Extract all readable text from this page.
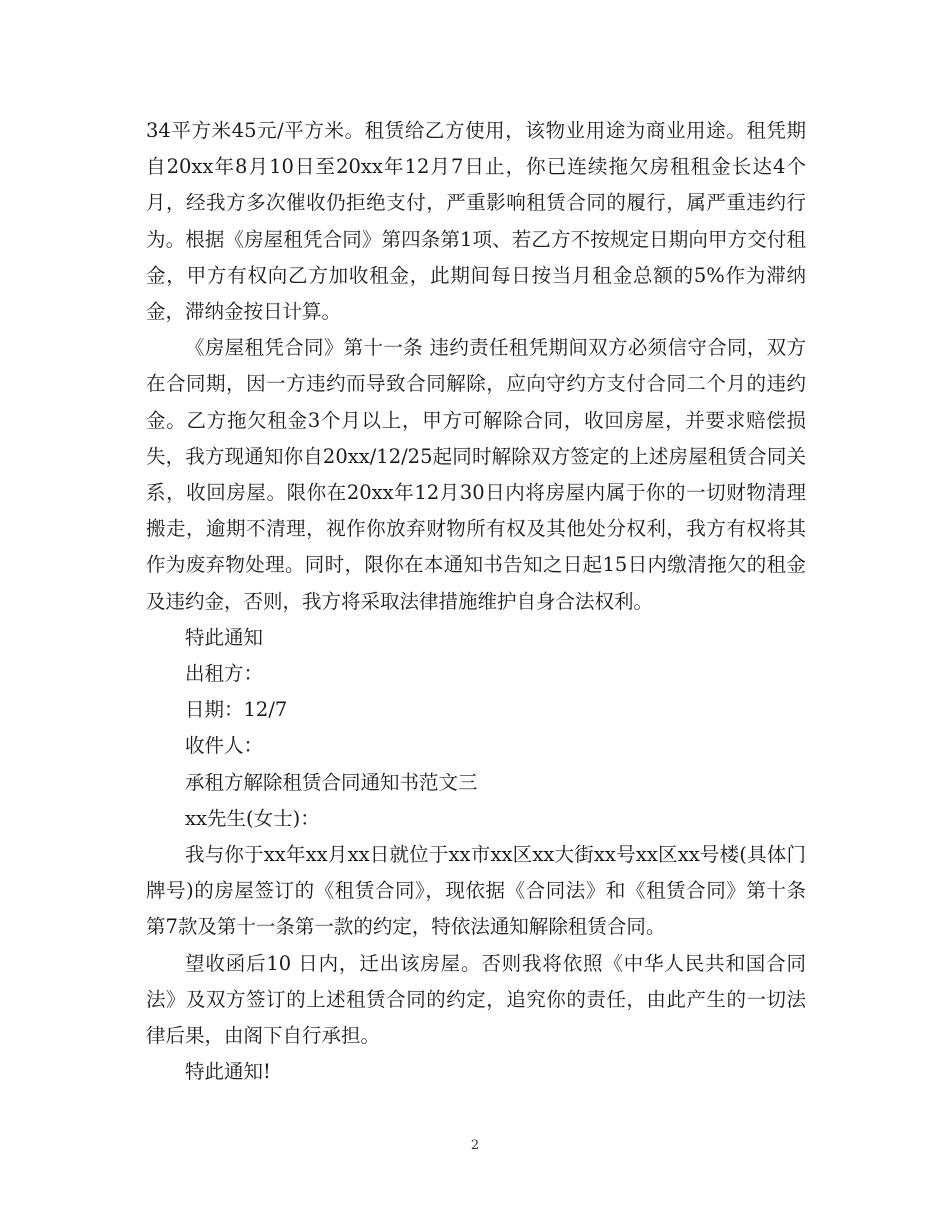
34平方米45元/平方米。租赁给乙方使用，该物业用途为商业用途。租凭期自20xx年8月10日至20xx年12月7日止，你已连续拖欠房租租金长达4个月，经我方多次催收仍拒绝支付，严重影响租赁合同的履行，属严重违约行为。根据《房屋租凭合同》第四条第1项、若乙方不按规定日期向甲方交付租金，甲方有权向乙方加收租金，此期间每日按当月租金总额的5%作为滞纳金，滞纳金按日计算。

《房屋租凭合同》第十一条 违约责任租凭期间双方必须信守合同，双方在合同期，因一方违约而导致合同解除，应向守约方支付合同二个月的违约金。乙方拖欠租金3个月以上，甲方可解除合同，收回房屋，并要求赔偿损失，我方现通知你自20xx/12/25起同时解除双方签定的上述房屋租赁合同关系，收回房屋。限你在20xx年12月30日内将房屋内属于你的一切财物清理搬走，逾期不清理，视作你放弃财物所有权及其他处分权利，我方有权将其作为废弃物处理。同时，限你在本通知书告知之日起15日内缴清拖欠的租金及违约金，否则，我方将采取法律措施维护自身合法权利。

特此通知

出租方：

日期：12/7

收件人：

承租方解除租赁合同通知书范文三

xx先生(女士)：

我与你于xx年xx月xx日就位于xx市xx区xx大街xx号xx区xx号楼(具体门牌号)的房屋签订的《租赁合同》，现依据《合同法》和《租赁合同》第十条第7款及第十一条第一款的约定，特依法通知解除租赁合同。

望收函后10 日内，迁出该房屋。否则我将依照《中华人民共和国合同法》及双方签订的上述租赁合同的约定，追究你的责任，由此产生的一切法律后果，由阁下自行承担。

特此通知!

2
